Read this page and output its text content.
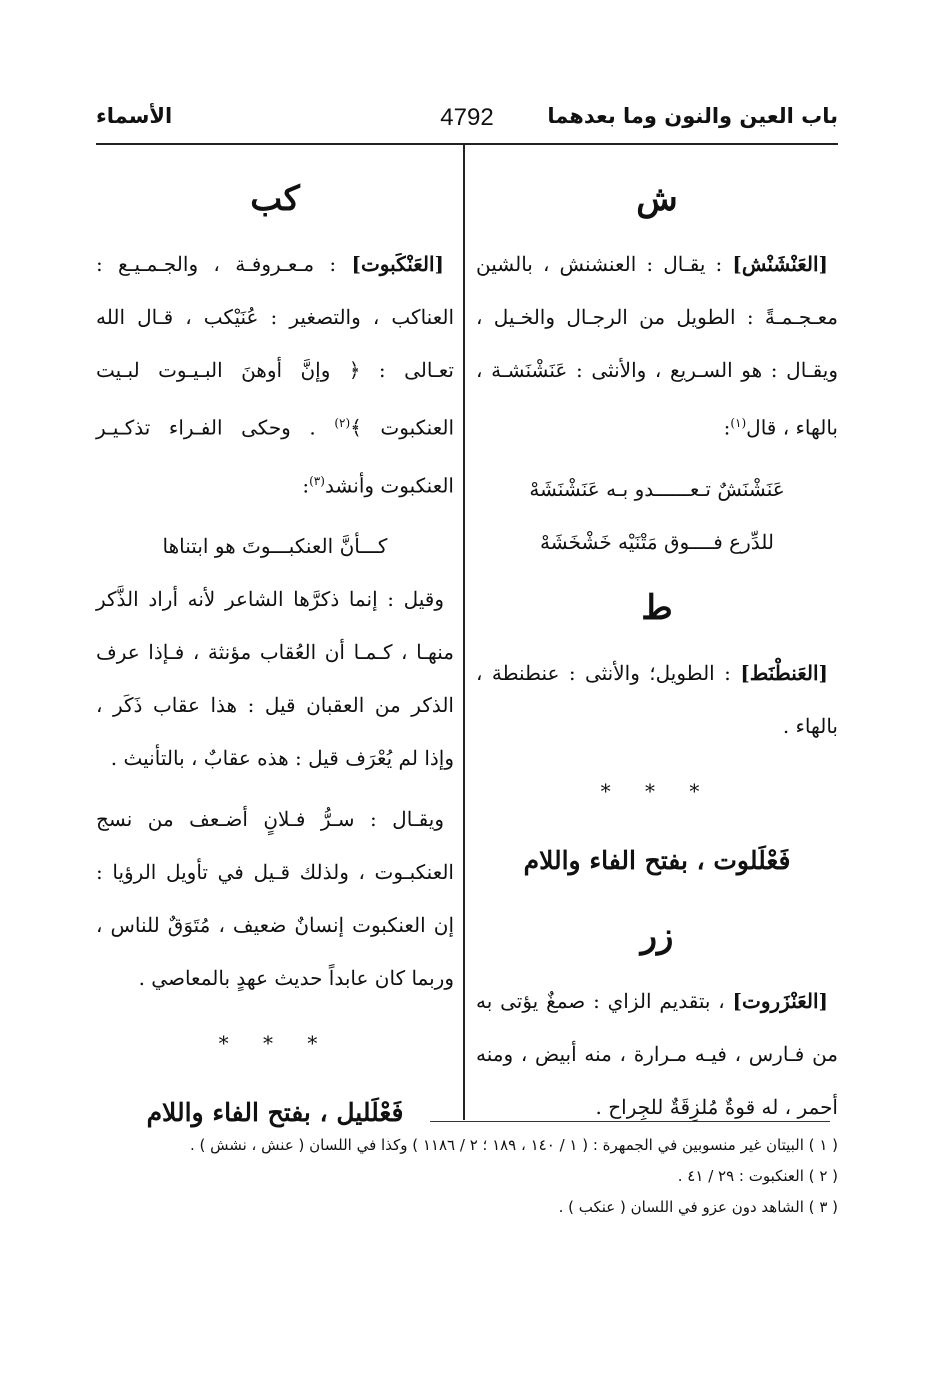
باب العين والنون وما بعدهما
4792
الأسماء
ش

[العَنْشَنْش] : يقـال : العنشنش ، بالشين معـجـمـةً : الطويل من الرجـال والخـيل ، ويقـال : هو السـريع ، والأنثى : عَنَشْنَشـة ، بالهاء ، قال$^{(١)}$:

عَنَشْنَشٌ تـعــــــدو بـه عَنَشْنَشَهْ
للدِّرع فــــوق مَتْنَيْه خَشْخَشَهْ
ط

[العَنطْنَط] : الطويل؛ والأنثى : عنطنطة ، بالهاء .

* * *
فَعْلَلوت ، بفتح الفاء واللام
زر

[العَنْزَروت] ، بتقديم الزاي : صمغٌ يؤتى به من فـارس ، فيـه مـرارة ، منه أبيض ، ومنه أحمر ، له قوةٌ مُلزِقَةٌ للجِراح .

كب

[العَنْكَبوت] : مـعـروفـة ، والجـمـيـع : العناكب ، والتصغير : عُنَيْكب ، قـال الله تعـالى : ﴿ وإنَّ أوهنَ البـيـوت لبـيت العنكبوت ﴾$^{(٢)}$ . وحكى الفـراء تذكـيـر العنكبوت وأنشد$^{(٣)}$:

كـــأنَّ العنكبـــوتَ هو ابتناها

وقيل : إنما ذكرَّها الشاعر لأنه أراد الذَّكر منهـا ، كـمـا أن العُقاب مؤنثة ، فـإذا عرف الذكر من العقبان قيل : هذا عقاب ذَكَر ، وإذا لم يُعْرَف قيل : هذه عقابٌ ، بالتأنيث .

ويقـال : سـرُّ فـلانٍ أضـعف من نسج العنكبـوت ، ولذلك قـيل في تأويل الرؤيا : إن العنكبوت إنسانٌ ضعيف ، مُتَوَقٌ للناس ، وربما كان عابداً حديث عهدٍ بالمعاصي .

* * *
فَعْلَليل ، بفتح الفاء واللام
( ١ ) البيتان غير منسوبين في الجمهرة : ( ١ / ١٤٠ ، ١٨٩ ؛ ٢ / ١١٨٦ ) وكذا في اللسان ( عنش ، نشش ) .
( ٢ ) العنكبوت : ٢٩ / ٤١ .
( ٣ ) الشاهد دون عزو في اللسان ( عنكب ) .
